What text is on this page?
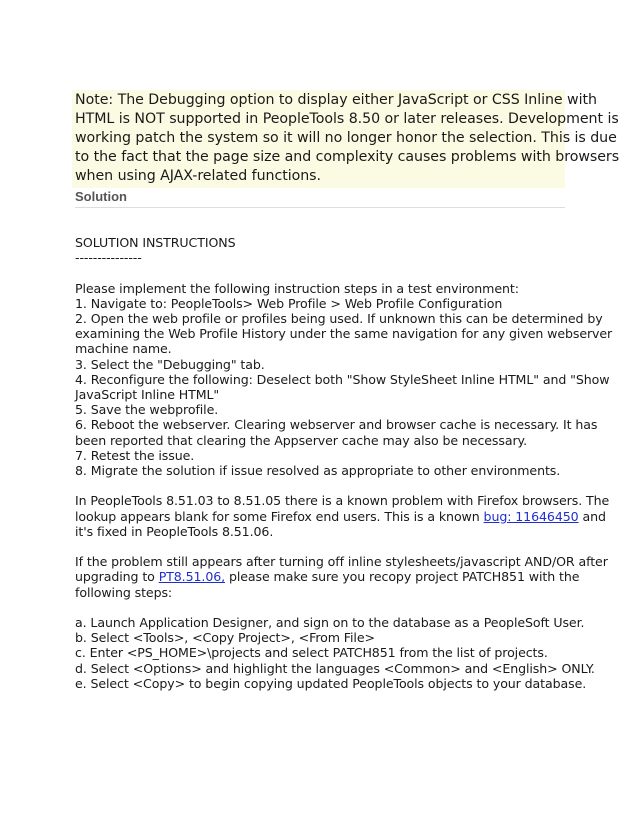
Note: The Debugging option to display either JavaScript or CSS Inline with
HTML is NOT supported in PeopleTools 8.50 or later releases. Development is
working patch the system so it will no longer honor the selection. This is due
to the fact that the page size and complexity causes problems with browsers
when using AJAX-related functions.
Solution
SOLUTION INSTRUCTIONS
---------------
Please implement the following instruction steps in a test environment:
1. Navigate to: PeopleTools> Web Profile > Web Profile Configuration
2. Open the web profile or profiles being used. If unknown this can be determined by
examining the Web Profile History under the same navigation for any given webserver
machine name.
3. Select the "Debugging" tab.
4. Reconfigure the following: Deselect both "Show StyleSheet Inline HTML" and "Show
JavaScript Inline HTML"
5. Save the webprofile.
6. Reboot the webserver. Clearing webserver and browser cache is necessary. It has
been reported that clearing the Appserver cache may also be necessary.
7. Retest the issue.
8. Migrate the solution if issue resolved as appropriate to other environments.
In PeopleTools 8.51.03 to 8.51.05 there is a known problem with Firefox browsers. The
lookup appears blank for some Firefox end users. This is a known bug: 11646450 and
it's fixed in PeopleTools 8.51.06.
If the problem still appears after turning off inline stylesheets/javascript AND/OR after
upgrading to PT8.51.06, please make sure you recopy project PATCH851 with the
following steps:
a. Launch Application Designer, and sign on to the database as a PeopleSoft User.
b. Select <Tools>, <Copy Project>, <From File>
c. Enter <PS_HOME>\projects and select PATCH851 from the list of projects.
d. Select <Options> and highlight the languages <Common> and <English> ONLY.
e. Select <Copy> to begin copying updated PeopleTools objects to your database.
